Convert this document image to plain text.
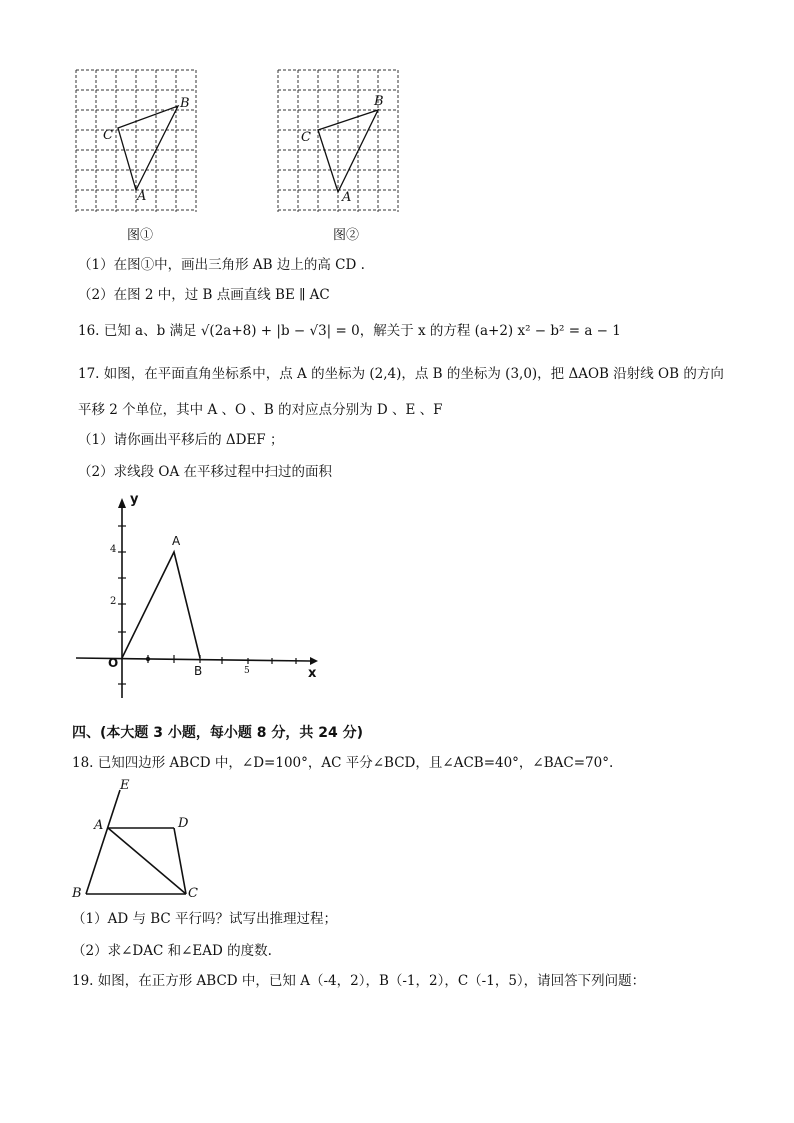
B
C
A
图①
B
C
A
图②
（1）在图①中，画出三角形 AB 边上的高 CD .
（2）在图 2 中，过 B 点画直线 BE ∥ AC
16. 已知 a、b 满足 √(2a+8) + |b − √3| = 0，解关于 x 的方程 (a+2) x² − b² = a − 1
17. 如图，在平面直角坐标系中，点 A 的坐标为 (2,4)，点 B 的坐标为 (3,0)，把 ΔAOB 沿射线 OB 的方向
平移 2 个单位，其中 A 、O 、B 的对应点分别为 D 、E 、F
（1）请你画出平移后的 ΔDEF ；
（2）求线段 OA 在平移过程中扫过的面积
y
x
O
4
2
5
A
B
四、(本大题 3 小题，每小题 8 分，共 24 分)
18. 已知四边形 ABCD 中，∠D=100°，AC 平分∠BCD，且∠ACB=40°，∠BAC=70°.
E
A	D
B	C
（1）AD 与 BC 平行吗？试写出推理过程；
（2）求∠DAC 和∠EAD 的度数.
19. 如图，在正方形 ABCD 中，已知 A（-4，2），B（-1，2），C（-1，5），请回答下列问题：
